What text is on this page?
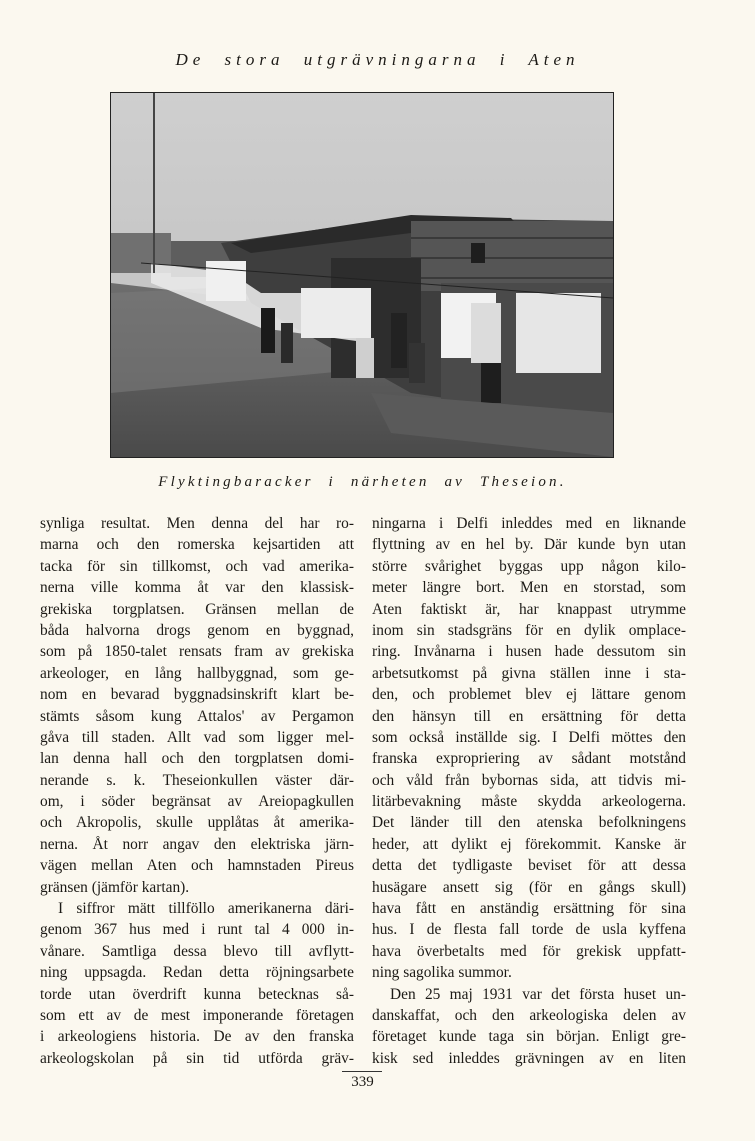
De stora utgrävningarna i Aten
Flyktingbaracker i närheten av Theseion.
synliga resultat. Men denna del har ro-
marna och den romerska kejsartiden att
tacka för sin tillkomst, och vad amerika-
nerna ville komma åt var den klassisk-
grekiska torgplatsen. Gränsen mellan de
båda halvorna drogs genom en byggnad,
som på 1850-talet rensats fram av grekiska
arkeologer, en lång hallbyggnad, som ge-
nom en bevarad byggnadsinskrift klart be-
stämts såsom kung Attalos' av Pergamon
gåva till staden. Allt vad som ligger mel-
lan denna hall och den torgplatsen domi-
nerande s. k. Theseionkullen väster där-
om, i söder begränsat av Areiopagkullen
och Akropolis, skulle upplåtas åt amerika-
nerna. Åt norr angav den elektriska järn-
vägen mellan Aten och hamnstaden Pireus
gränsen (jämför kartan).
I siffror mätt tillföllo amerikanerna däri-
genom 367 hus med i runt tal 4 000 in-
vånare. Samtliga dessa blevo till avflytt-
ning uppsagda. Redan detta röjningsarbete
torde utan överdrift kunna betecknas så-
som ett av de mest imponerande företagen
i arkeologiens historia. De av den franska
arkeologskolan på sin tid utförda gräv-
ningarna i Delfi inleddes med en liknande
flyttning av en hel by. Där kunde byn utan
större svårighet byggas upp någon kilo-
meter längre bort. Men en storstad, som
Aten faktiskt är, har knappast utrymme
inom sin stadsgräns för en dylik omplace-
ring. Invånarna i husen hade dessutom sin
arbetsutkomst på givna ställen inne i sta-
den, och problemet blev ej lättare genom
den hänsyn till en ersättning för detta
som också inställde sig. I Delfi möttes den
franska expropriering av sådant motstånd
och våld från bybornas sida, att tidvis mi-
litärbevakning måste skydda arkeologerna.
Det länder till den atenska befolkningens
heder, att dylikt ej förekommit. Kanske är
detta det tydligaste beviset för att dessa
husägare ansett sig (för en gångs skull)
hava fått en anständig ersättning för sina
hus. I de flesta fall torde de usla kyffena
hava överbetalts med för grekisk uppfatt-
ning sagolika summor.
Den 25 maj 1931 var det första huset un-
danskaffat, och den arkeologiska delen av
företaget kunde taga sin början. Enligt gre-
kisk sed inleddes grävningen av en liten
339
